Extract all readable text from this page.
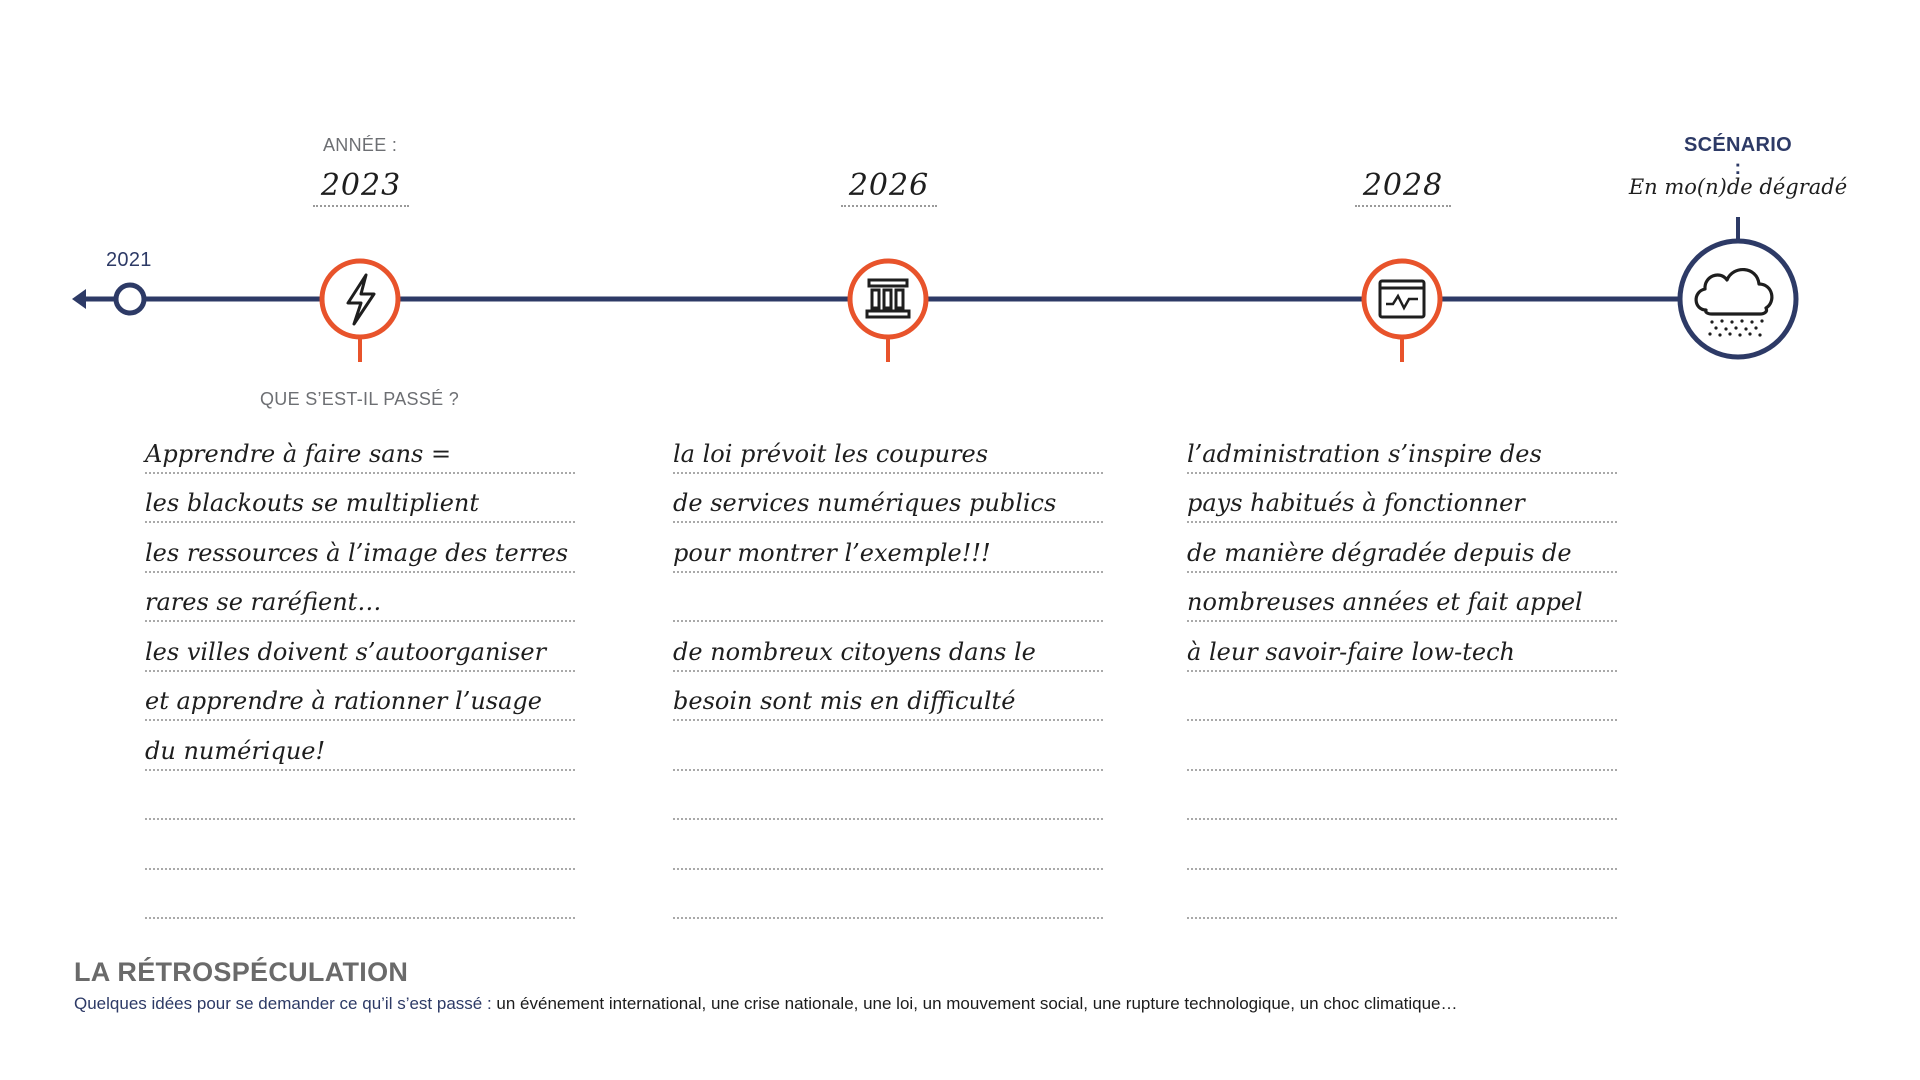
ANNÉE :	SCÉNARIO :
En mo(n)de dégradé
2021
2023	2026	2028
QUE S’EST-IL PASSÉ ?
Apprendre à faire sans =
les blackouts se multiplient
les ressources à l’image des terres
rares se raréfient…
les villes doivent s’autoorganiser
et apprendre à rationner l’usage
du numérique!
la loi prévoit les coupures
de services numériques publics
pour montrer l’exemple!!!
de nombreux citoyens dans le
besoin sont mis en difficulté
l’administration s’inspire des
pays habitués à fonctionner
de manière dégradée depuis de
nombreuses années et fait appel
à leur savoir-faire low-tech
LA RÉTROSPÉCULATION
Quelques idées pour se demander ce qu’il s’est passé : un événement international, une crise nationale, une loi, un mouvement social, une rupture technologique, un choc climatique…
